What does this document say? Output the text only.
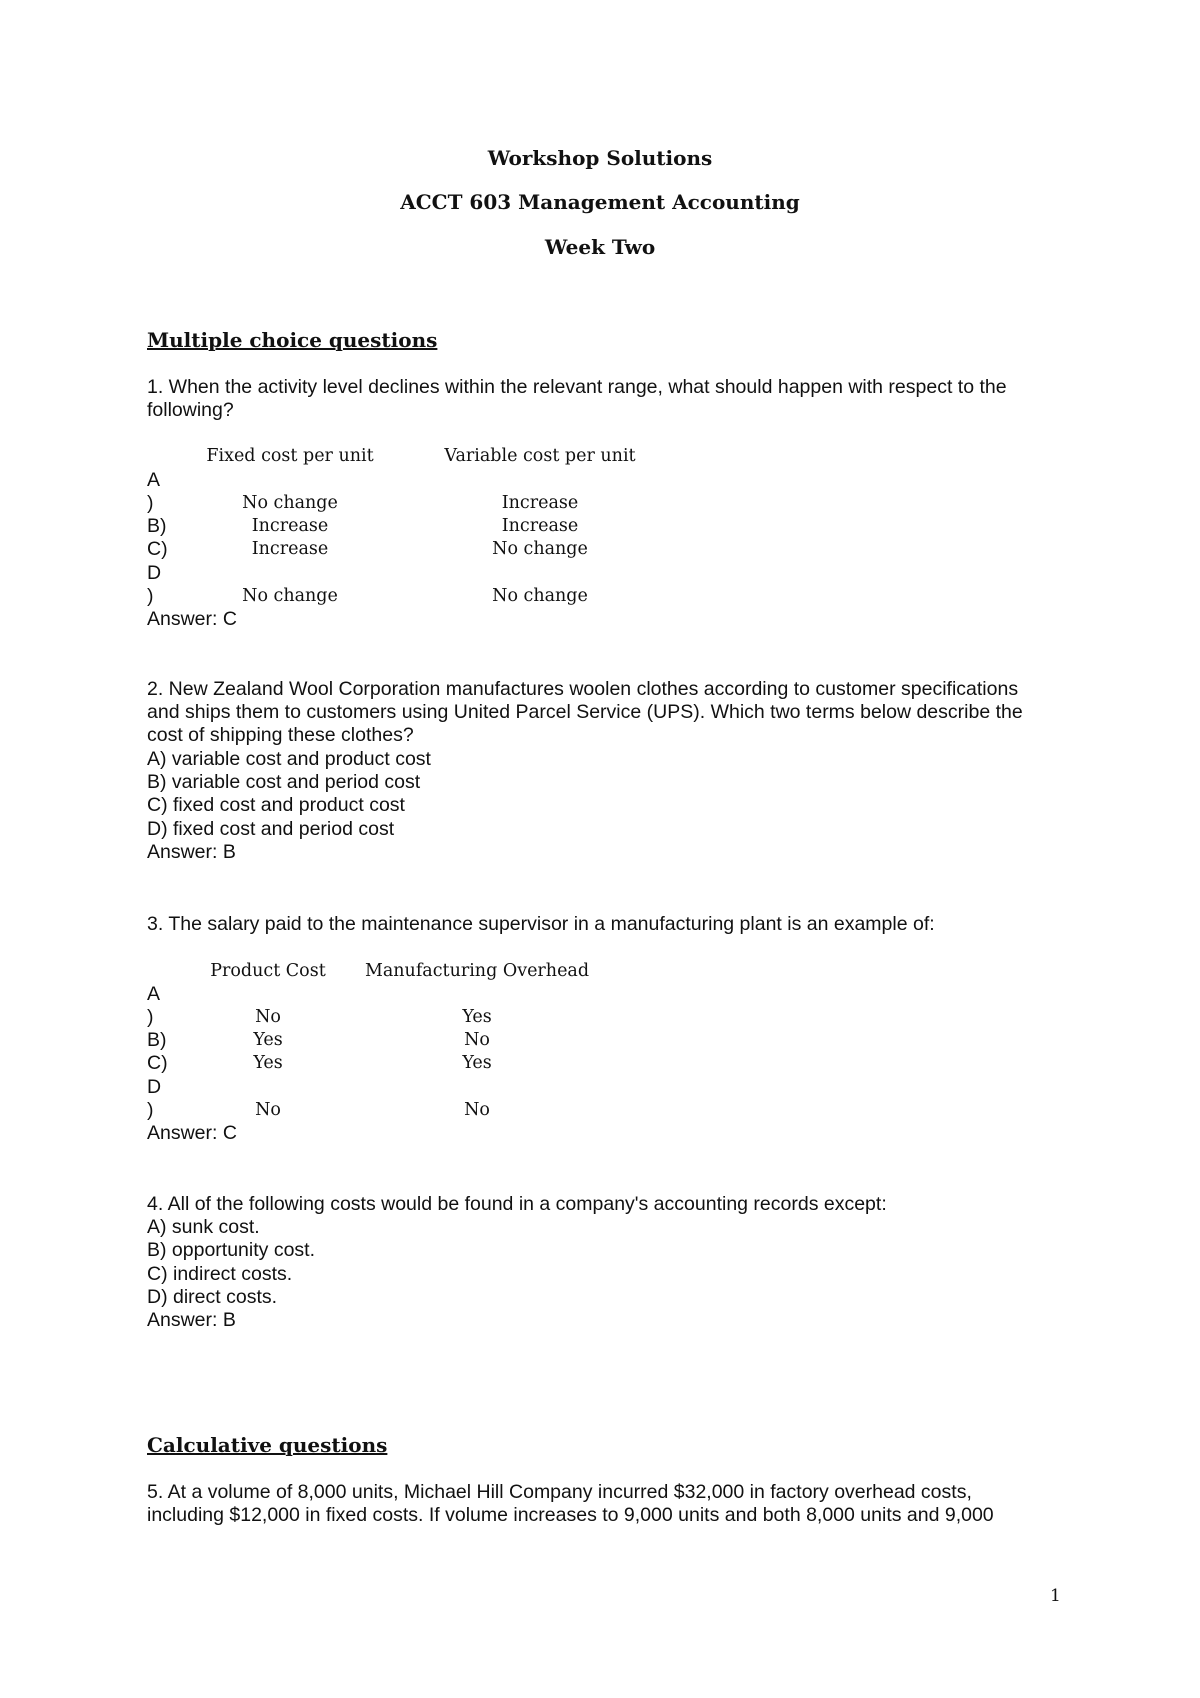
Workshop Solutions
ACCT 603 Management Accounting
Week Two
Multiple choice questions
1. When the activity level declines within the relevant range, what should happen with respect to the
following?
Fixed cost per unit	Variable cost per unit
A
)	No change	Increase
B)	Increase	Increase
C)	Increase	No change
D
)	No change	No change
Answer: C
2. New Zealand Wool Corporation manufactures woolen clothes according to customer specifications
and ships them to customers using United Parcel Service (UPS). Which two terms below describe the
cost of shipping these clothes?
A) variable cost and product cost
B) variable cost and period cost
C) fixed cost and product cost
D) fixed cost and period cost
Answer: B
3. The salary paid to the maintenance supervisor in a manufacturing plant is an example of:
Product Cost	Manufacturing Overhead
A
)	No	Yes
B)	Yes	No
C)	Yes	Yes
D
)	No	No
Answer: C
4. All of the following costs would be found in a company's accounting records except:
A) sunk cost.
B) opportunity cost.
C) indirect costs.
D) direct costs.
Answer: B
Calculative questions
5. At a volume of 8,000 units, Michael Hill Company incurred $32,000 in factory overhead costs,
including $12,000 in fixed costs. If volume increases to 9,000 units and both 8,000 units and 9,000
1
